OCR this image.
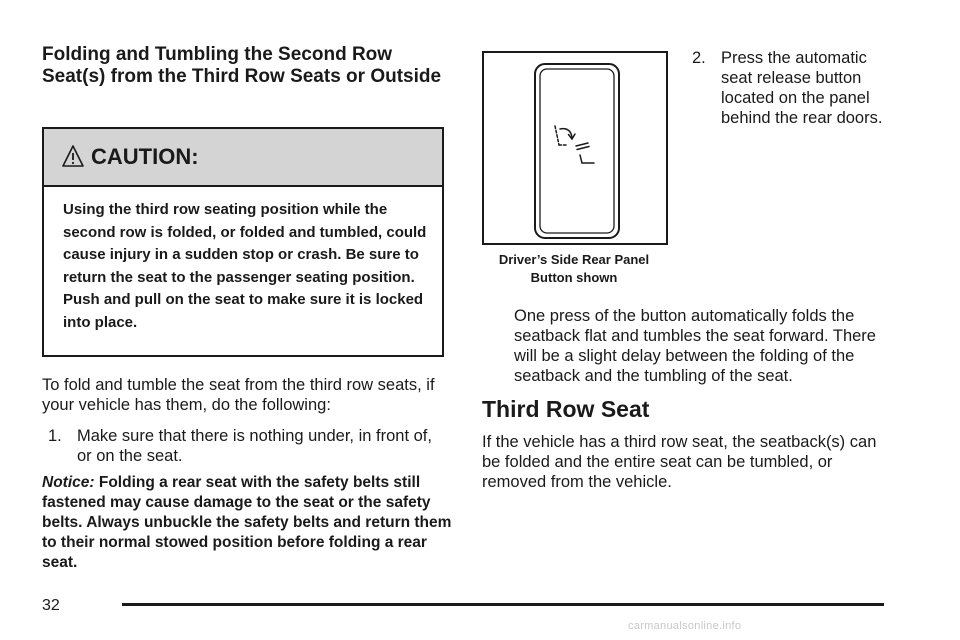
Folding and Tumbling the Second Row Seat(s) from the Third Row Seats or Outside
CAUTION:
Using the third row seating position while the second row is folded, or folded and tumbled, could cause injury in a sudden stop or crash. Be sure to return the seat to the passenger seating position. Push and pull on the seat to make sure it is locked into place.
To fold and tumble the seat from the third row seats, if your vehicle has them, do the following:
1. Make sure that there is nothing under, in front of, or on the seat.
Notice: Folding a rear seat with the safety belts still fastened may cause damage to the seat or the safety belts. Always unbuckle the safety belts and return them to their normal stowed position before folding a rear seat.
Driver’s Side Rear Panel
Button shown
2. Press the automatic seat release button located on the panel behind the rear doors.
One press of the button automatically folds the seatback flat and tumbles the seat forward. There will be a slight delay between the folding of the seatback and the tumbling of the seat.
Third Row Seat
If the vehicle has a third row seat, the seatback(s) can be folded and the entire seat can be tumbled, or removed from the vehicle.
32
carmanualsonline.info
